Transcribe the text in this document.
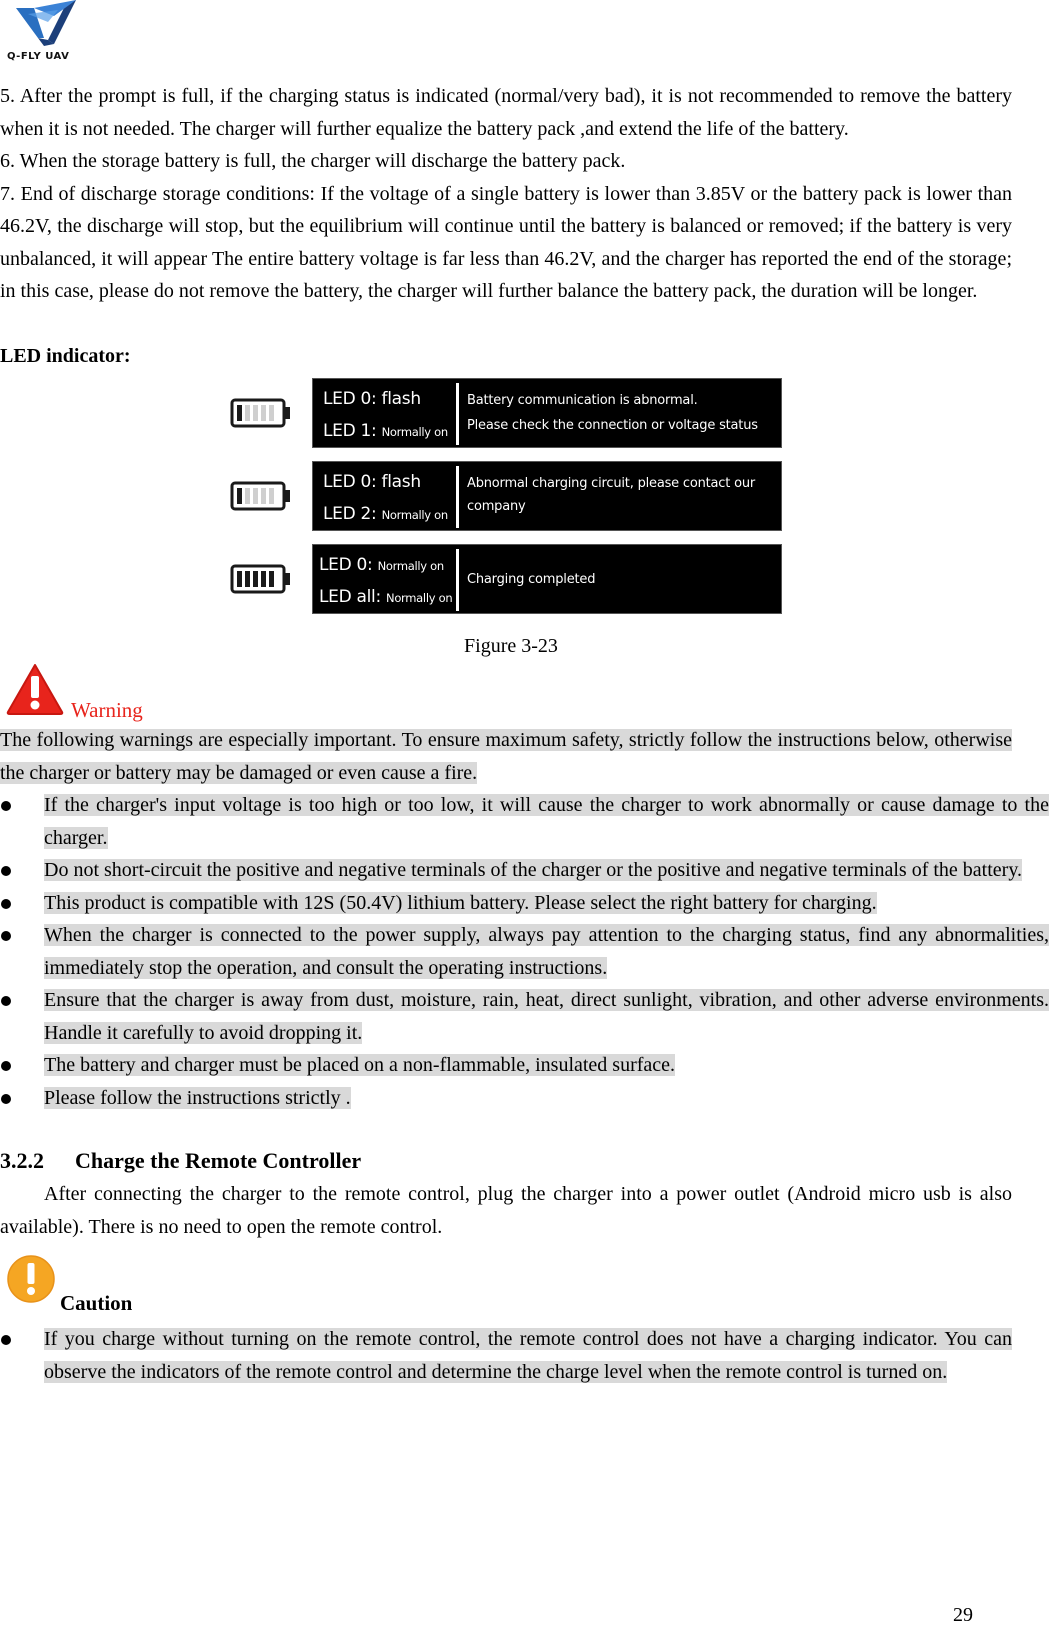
Q-FLY UAV

5. After the prompt is full, if the charging status is indicated (normal/very bad), it is not recommended to remove the battery when it is not needed. The charger will further equalize the battery pack ,and extend the life of the battery.

6. When the storage battery is full, the charger will discharge the battery pack.

7. End of discharge storage conditions: If the voltage of a single battery is lower than 3.85V or the battery pack is lower than 46.2V, the discharge will stop, but the equilibrium will continue until the battery is balanced or removed; if the battery is very unbalanced, it will appear The entire battery voltage is far less than 46.2V, and the charger has reported the end of the storage; in this case, please do not remove the battery, the charger will further balance the battery pack, the duration will be longer.

LED indicator:

LED 0: flash
LED 1: Normally on
Battery communication is abnormal.
Please check the connection or voltage status
LED 0: flash
LED 2: Normally on
Abnormal charging circuit, please contact our
company
LED 0: Normally on
LED all: Normally on
Charging completed

Figure 3-23

Warning

The following warnings are especially important. To ensure maximum safety, strictly follow the instructions below, otherwise the charger or battery may be damaged or even cause a fire.

If the charger's input voltage is too high or too low, it will cause the charger to work abnormally or cause damage to the charger.
Do not short-circuit the positive and negative terminals of the charger or the positive and negative terminals of the battery.
This product is compatible with 12S (50.4V) lithium battery. Please select the right battery for charging.
When the charger is connected to the power supply, always pay attention to the charging status, find any abnormalities, immediately stop the operation, and consult the operating instructions.
Ensure that the charger is away from dust, moisture, rain, heat, direct sunlight, vibration, and other adverse environments. Handle it carefully to avoid dropping it.
The battery and charger must be placed on a non-flammable, insulated surface.
Please follow the instructions strictly .
3.2.2 Charge the Remote Controller

After connecting the charger to the remote control, plug the charger into a power outlet (Android micro usb is also available). There is no need to open the remote control.

Caution
If you charge without turning on the remote control, the remote control does not have a charging indicator. You can observe the indicators of the remote control and determine the charge level when the remote control is turned on.
29
